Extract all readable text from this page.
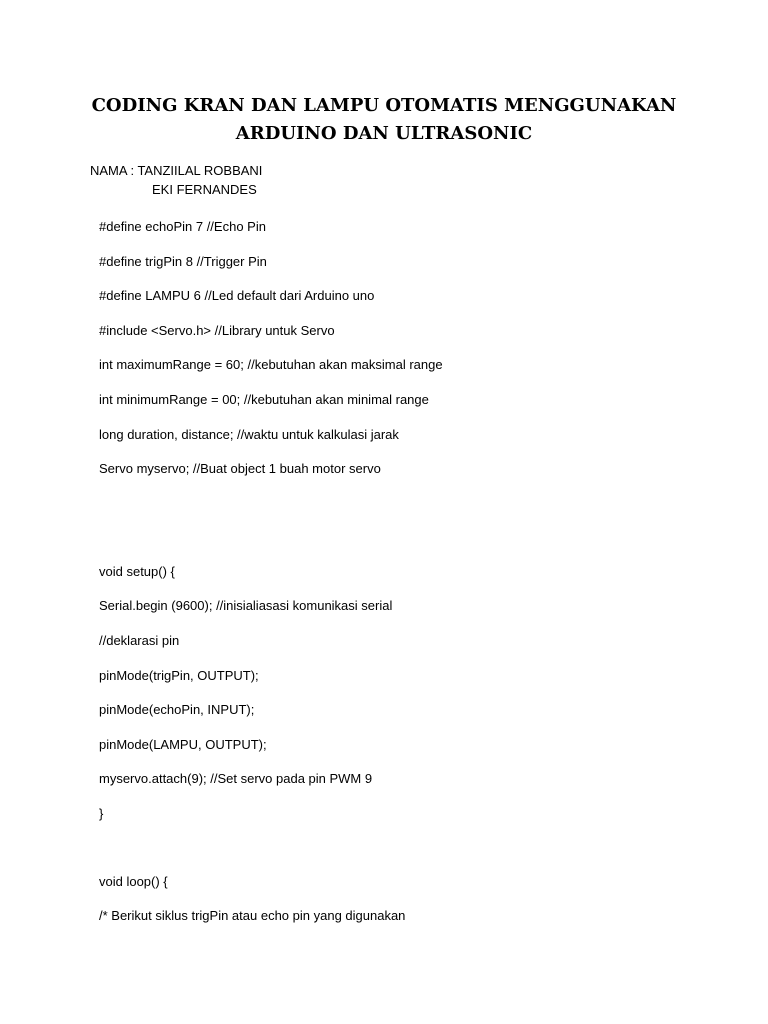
CODING KRAN DAN LAMPU OTOMATIS MENGGUNAKAN
ARDUINO DAN ULTRASONIC
NAMA : TANZIILAL ROBBANI
EKI FERNANDES
#define echoPin 7 //Echo Pin
#define trigPin 8 //Trigger Pin
#define LAMPU 6 //Led default dari Arduino uno
#include <Servo.h> //Library untuk Servo
int maximumRange = 60; //kebutuhan akan maksimal range
int minimumRange = 00; //kebutuhan akan minimal range
long duration, distance; //waktu untuk kalkulasi jarak
Servo myservo; //Buat object 1 buah motor servo
void setup() {
Serial.begin (9600); //inisialiasasi komunikasi serial
//deklarasi pin
pinMode(trigPin, OUTPUT);
pinMode(echoPin, INPUT);
pinMode(LAMPU, OUTPUT);
myservo.attach(9); //Set servo pada pin PWM 9
}
void loop() {
/* Berikut siklus trigPin atau echo pin yang digunakan
